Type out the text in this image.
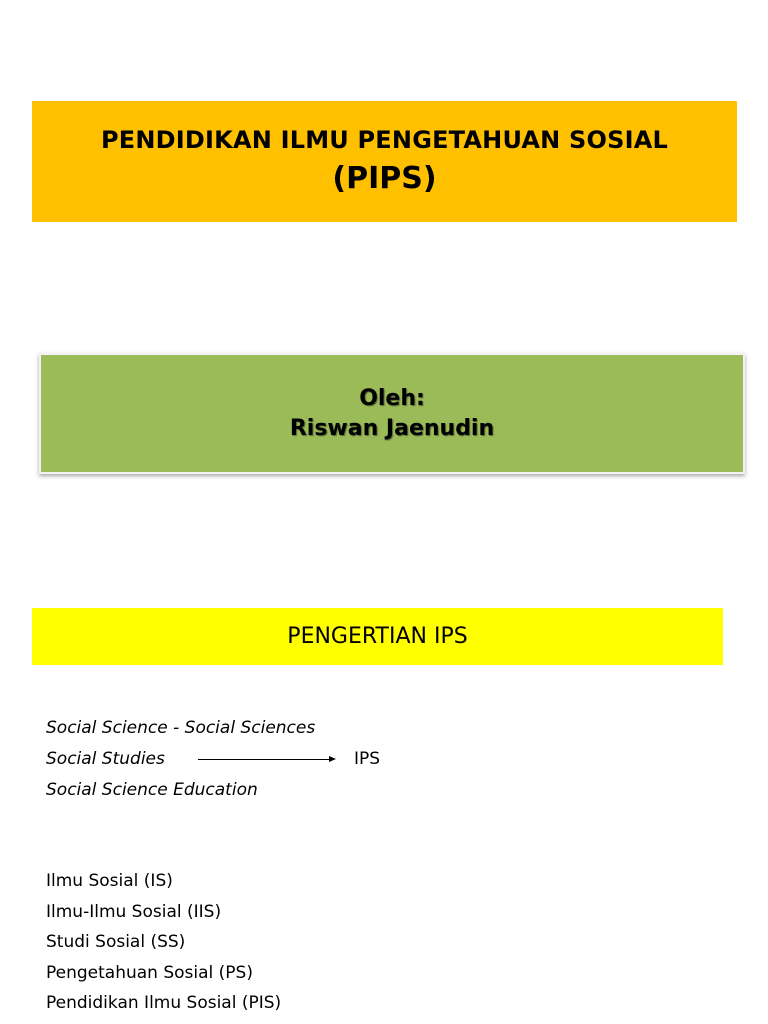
PENDIDIKAN ILMU PENGETAHUAN SOSIAL
(PIPS)
Oleh:
Riswan Jaenudin
PENGERTIAN IPS
Social Science - Social Sciences
Social Studies
Social Science Education
IPS
Ilmu Sosial (IS)
Ilmu-Ilmu Sosial (IIS)
Studi Sosial (SS)
Pengetahuan Sosial (PS)
Pendidikan Ilmu Sosial (PIS)
